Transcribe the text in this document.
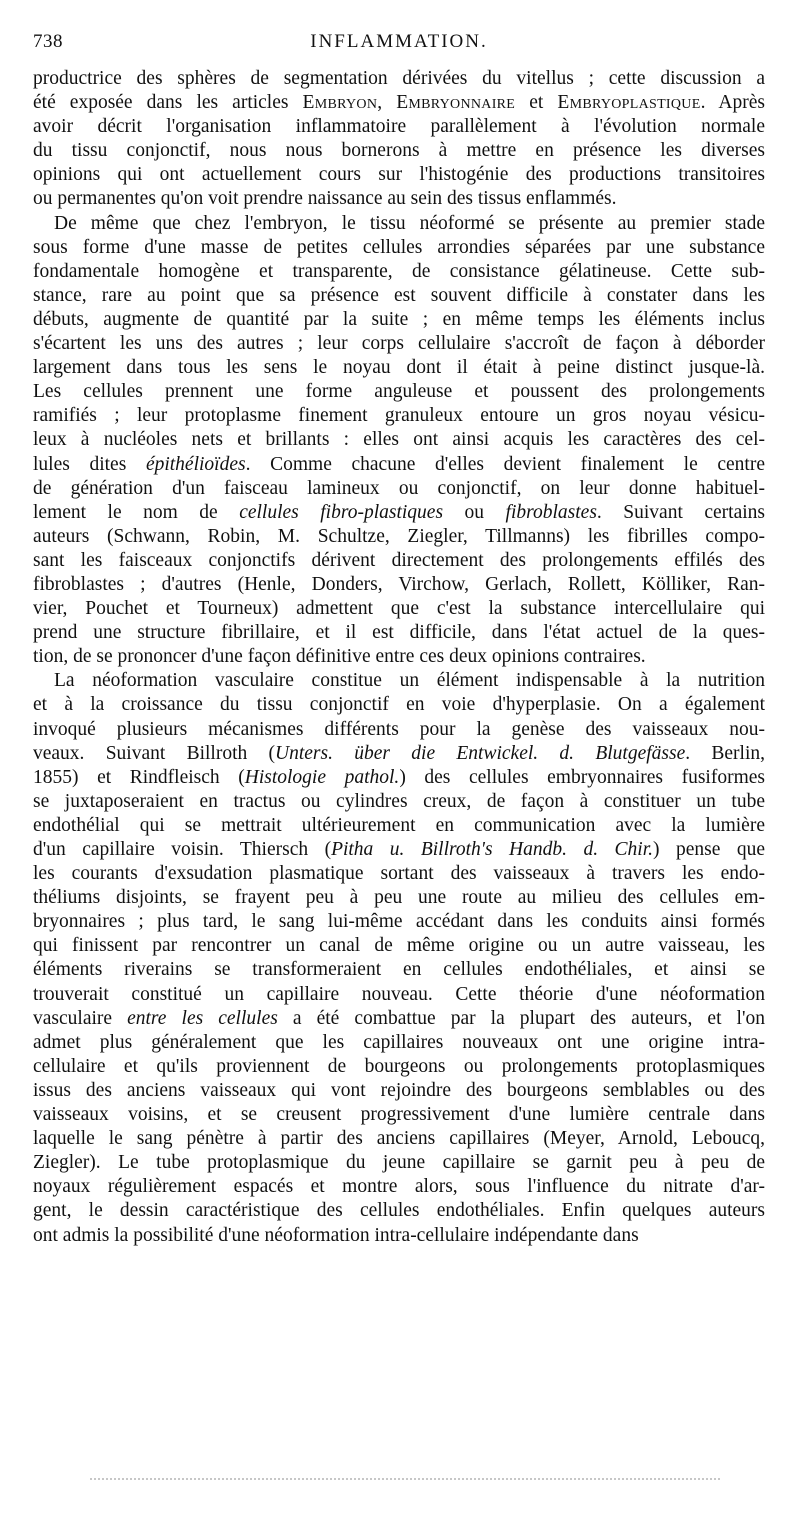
738	INFLAMMATION.
productrice des sphères de segmentation dérivées du vitellus ; cette discussion a
été exposée dans les articles Embryon, Embryonnaire et Embryoplastique. Après
avoir décrit l'organisation inflammatoire parallèlement à l'évolution normale
du tissu conjonctif, nous nous bornerons à mettre en présence les diverses
opinions qui ont actuellement cours sur l'histogénie des productions transitoires
ou permanentes qu'on voit prendre naissance au sein des tissus enflammés.
De même que chez l'embryon, le tissu néoformé se présente au premier stade
sous forme d'une masse de petites cellules arrondies séparées par une substance
fondamentale homogène et transparente, de consistance gélatineuse. Cette sub-
stance, rare au point que sa présence est souvent difficile à constater dans les
débuts, augmente de quantité par la suite ; en même temps les éléments inclus
s'écartent les uns des autres ; leur corps cellulaire s'accroît de façon à déborder
largement dans tous les sens le noyau dont il était à peine distinct jusque-là.
Les cellules prennent une forme anguleuse et poussent des prolongements
ramifiés ; leur protoplasme finement granuleux entoure un gros noyau vésicu-
leux à nucléoles nets et brillants : elles ont ainsi acquis les caractères des cel-
lules dites épithélioïdes. Comme chacune d'elles devient finalement le centre
de génération d'un faisceau lamineux ou conjonctif, on leur donne habituel-
lement le nom de cellules fibro-plastiques ou fibroblastes. Suivant certains
auteurs (Schwann, Robin, M. Schultze, Ziegler, Tillmanns) les fibrilles compo-
sant les faisceaux conjonctifs dérivent directement des prolongements effilés des
fibroblastes ; d'autres (Henle, Donders, Virchow, Gerlach, Rollett, Kölliker, Ran-
vier, Pouchet et Tourneux) admettent que c'est la substance intercellulaire qui
prend une structure fibrillaire, et il est difficile, dans l'état actuel de la ques-
tion, de se prononcer d'une façon définitive entre ces deux opinions contraires.
La néoformation vasculaire constitue un élément indispensable à la nutrition
et à la croissance du tissu conjonctif en voie d'hyperplasie. On a également
invoqué plusieurs mécanismes différents pour la genèse des vaisseaux nou-
veaux. Suivant Billroth (Unters. über die Entwickel. d. Blutgefässe. Berlin,
1855) et Rindfleisch (Histologie pathol.) des cellules embryonnaires fusiformes
se juxtaposeraient en tractus ou cylindres creux, de façon à constituer un tube
endothélial qui se mettrait ultérieurement en communication avec la lumière
d'un capillaire voisin. Thiersch (Pitha u. Billroth's Handb. d. Chir.) pense que
les courants d'exsudation plasmatique sortant des vaisseaux à travers les endo-
théliums disjoints, se frayent peu à peu une route au milieu des cellules em-
bryonnaires ; plus tard, le sang lui-même accédant dans les conduits ainsi formés
qui finissent par rencontrer un canal de même origine ou un autre vaisseau, les
éléments riverains se transformeraient en cellules endothéliales, et ainsi se
trouverait constitué un capillaire nouveau. Cette théorie d'une néoformation
vasculaire entre les cellules a été combattue par la plupart des auteurs, et l'on
admet plus généralement que les capillaires nouveaux ont une origine intra-
cellulaire et qu'ils proviennent de bourgeons ou prolongements protoplasmiques
issus des anciens vaisseaux qui vont rejoindre des bourgeons semblables ou des
vaisseaux voisins, et se creusent progressivement d'une lumière centrale dans
laquelle le sang pénètre à partir des anciens capillaires (Meyer, Arnold, Leboucq,
Ziegler). Le tube protoplasmique du jeune capillaire se garnit peu à peu de
noyaux régulièrement espacés et montre alors, sous l'influence du nitrate d'ar-
gent, le dessin caractéristique des cellules endothéliales. Enfin quelques auteurs
ont admis la possibilité d'une néoformation intra-cellulaire indépendante dans
